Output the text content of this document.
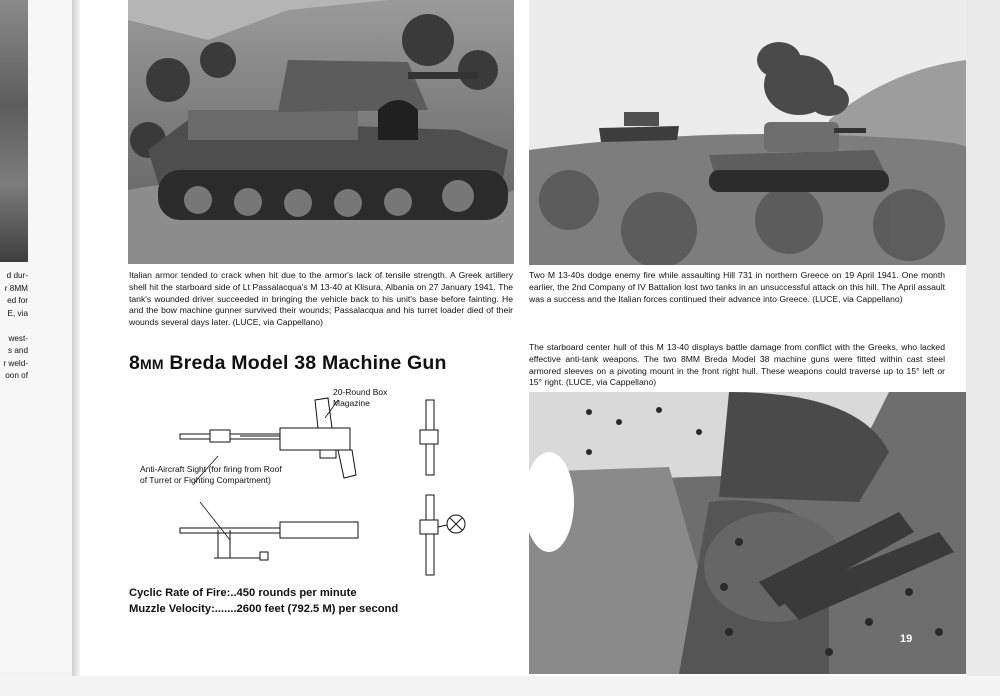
d dur-
r 8MM
ed for
E, via
west-
s and
r weld-
oon of
Italian armor tended to crack when hit due to the armor's lack of tensile strength. A Greek artillery shell hit the starboard side of Lt Passalacqua's M 13-40 at Klisura, Albania on 27 January 1941. The tank's wounded driver succeeded in bringing the vehicle back to his unit's base before fainting. He and the bow machine gunner survived their wounds; Passalacqua and his turret loader died of their wounds several days later. (LUCE, via Cappellano)
Two M 13-40s dodge enemy fire while assaulting Hill 731 in northern Greece on 19 April 1941. One month earlier, the 2nd Company of IV Battalion lost two tanks in an unsuccessful attack on this hill. The April assault was a success and the Italian forces continued their advance into Greece. (LUCE, via Cappellano)
The starboard center hull of this M 13-40 displays battle damage from conflict with the Greeks, who lacked effective anti-tank weapons. The two 8MM Breda Model 38 machine guns were fitted within cast steel armored sleeves on a pivoting mount in the front right hull. These weapons could traverse up to 15° left or 15° right. (LUCE, via Cappellano)
8MM Breda Model 38 Machine Gun
20-Round Box Magazine
Anti-Aircraft Sight (for firing from Roof of Turret or Fighting Compartment)
Cyclic Rate of Fire:..450 rounds per minute
Muzzle Velocity:.......2600 feet (792.5 M) per second
19
